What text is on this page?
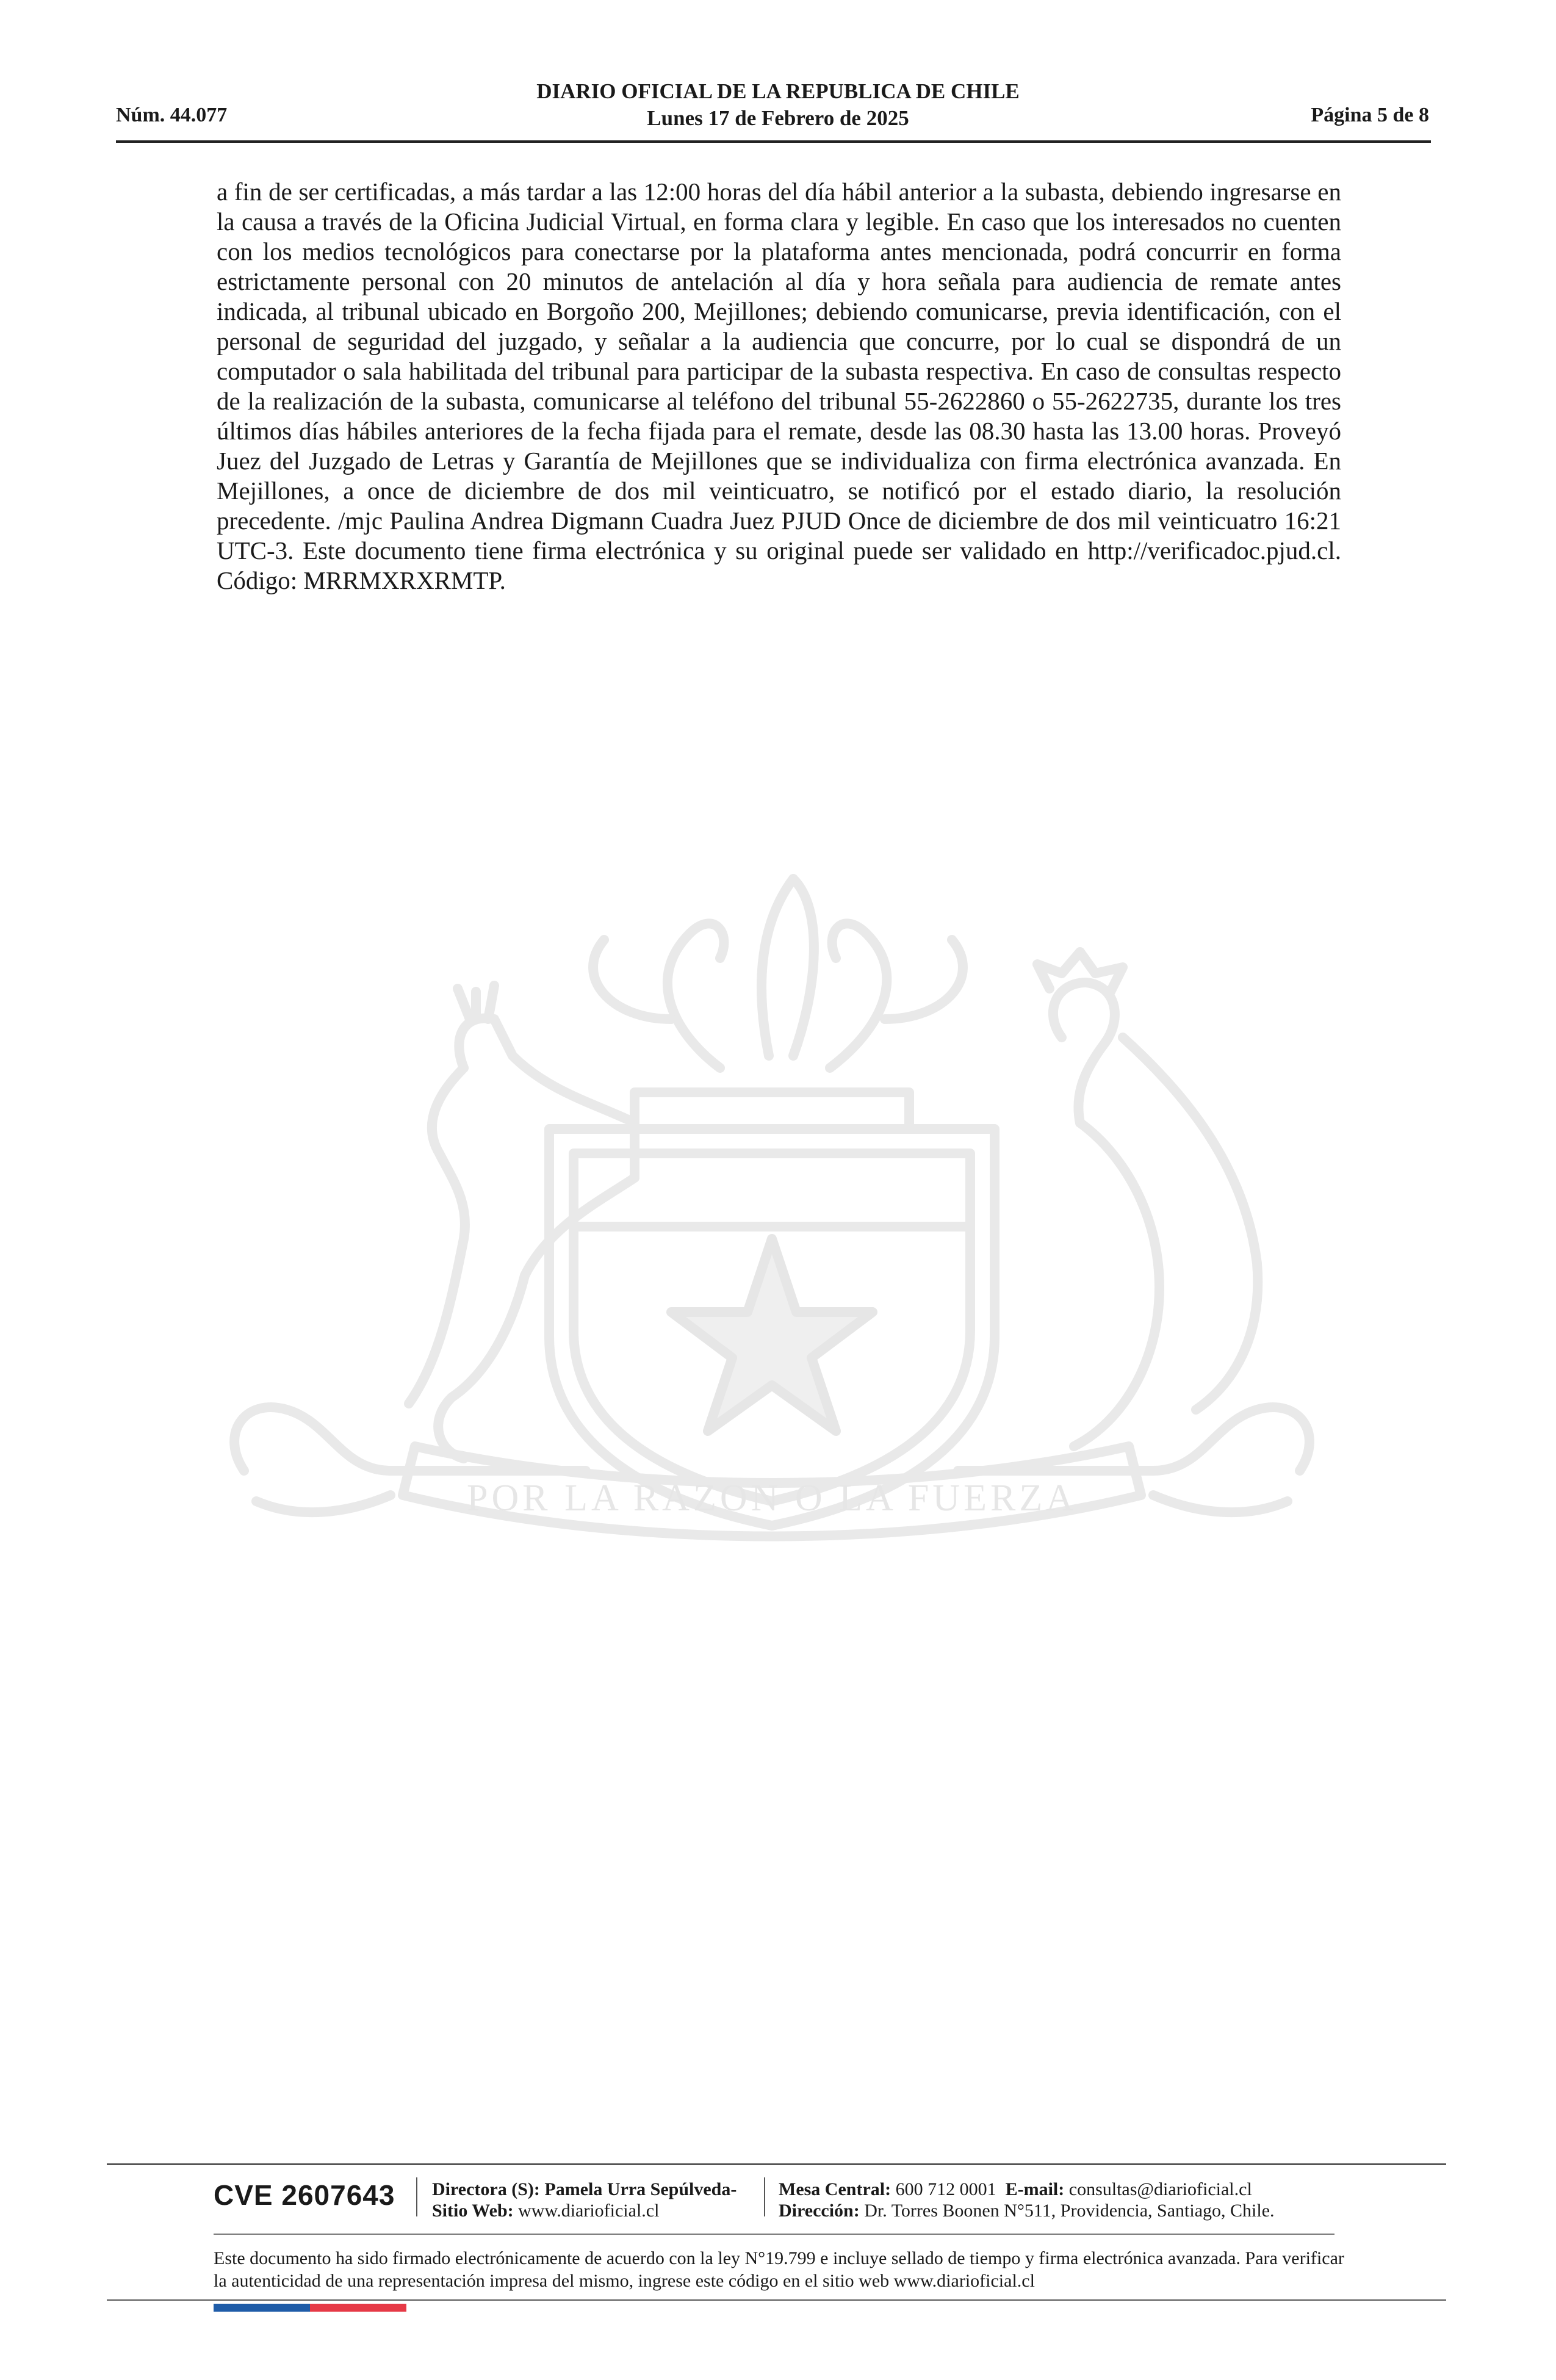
Núm. 44.077
DIARIO OFICIAL DE LA REPUBLICA DE CHILE
Lunes 17 de Febrero de 2025	Página 5 de 8

a fin de ser certificadas, a más tardar a las 12:00 horas del día hábil anterior a la subasta, debiendo ingresarse en la causa a través de la Oficina Judicial Virtual, en forma clara y legible. En caso que los interesados no cuenten con los medios tecnológicos para conectarse por la plataforma antes mencionada, podrá concurrir en forma estrictamente personal con 20 minutos de antelación al día y hora señala para audiencia de remate antes indicada, al tribunal ubicado en Borgoño 200, Mejillones; debiendo comunicarse, previa identificación, con el personal de seguridad del juzgado, y señalar a la audiencia que concurre, por lo cual se dispondrá de un computador o sala habilitada del tribunal para participar de la subasta respectiva. En caso de consultas respecto de la realización de la subasta, comunicarse al teléfono del tribunal 55-2622860 o 55-2622735, durante los tres últimos días hábiles anteriores de la fecha fijada para el remate, desde las 08.30 hasta las 13.00 horas. Proveyó Juez del Juzgado de Letras y Garantía de Mejillones que se individualiza con firma electrónica avanzada. En Mejillones, a once de diciembre de dos mil veinticuatro, se notificó por el estado diario, la resolución precedente. /mjc Paulina Andrea Digmann Cuadra Juez PJUD Once de diciembre de dos mil veinticuatro 16:21 UTC-3. Este documento tiene firma electrónica y su original puede ser validado en http://verificadoc.pjud.cl. Código: MRRMXRXRMTP.

POR LA RAZON O LA FUERZA
CVE 2607643 Directora (S): Pamela Urra Sepúlveda-
Sitio Web: www.diarioficial.cl
Mesa Central: 600 712 0001 E-mail: consultas@diarioficial.cl
Dirección: Dr. Torres Boonen N°511, Providencia, Santiago, Chile.
Este documento ha sido firmado electrónicamente de acuerdo con la ley N°19.799 e incluye sellado de tiempo y firma electrónica avanzada. Para verificar la autenticidad de una representación impresa del mismo, ingrese este código en el sitio web www.diarioficial.cl
